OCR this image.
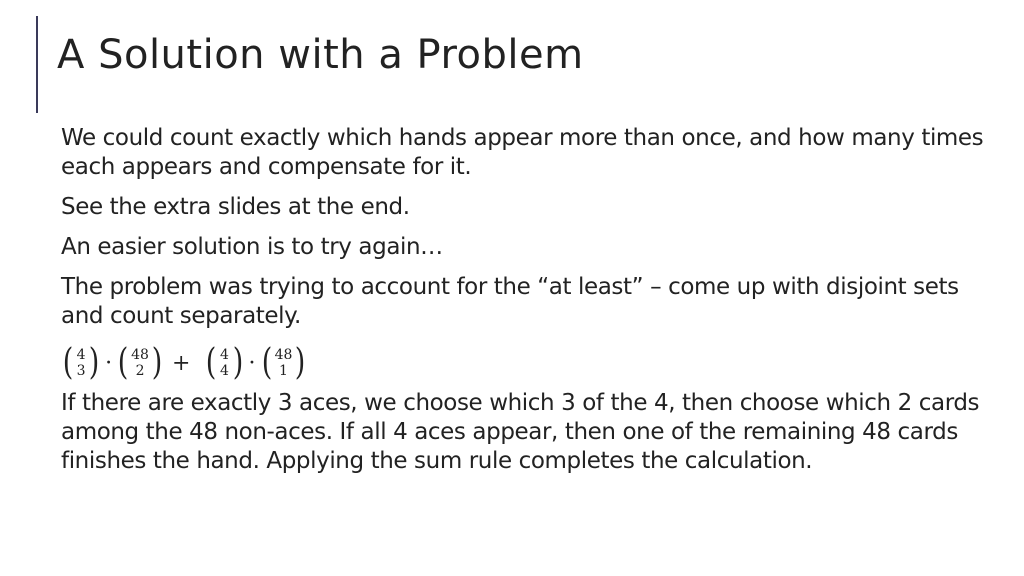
A Solution with a Problem

We could count exactly which hands appear more than once, and how many times each appears and compensate for it.

See the extra slides at the end.

An easier solution is to try again…

The problem was trying to account for the “at least” – come up with disjoint sets and count separately.

( 4
3 ) · ( 48
2 ) + ( 4
4 ) · ( 48
1 )

If there are exactly 3 aces, we choose which 3 of the 4, then choose which 2 cards among the 48 non-aces. If all 4 aces appear, then one of the remaining 48 cards finishes the hand. Applying the sum rule completes the calculation.
